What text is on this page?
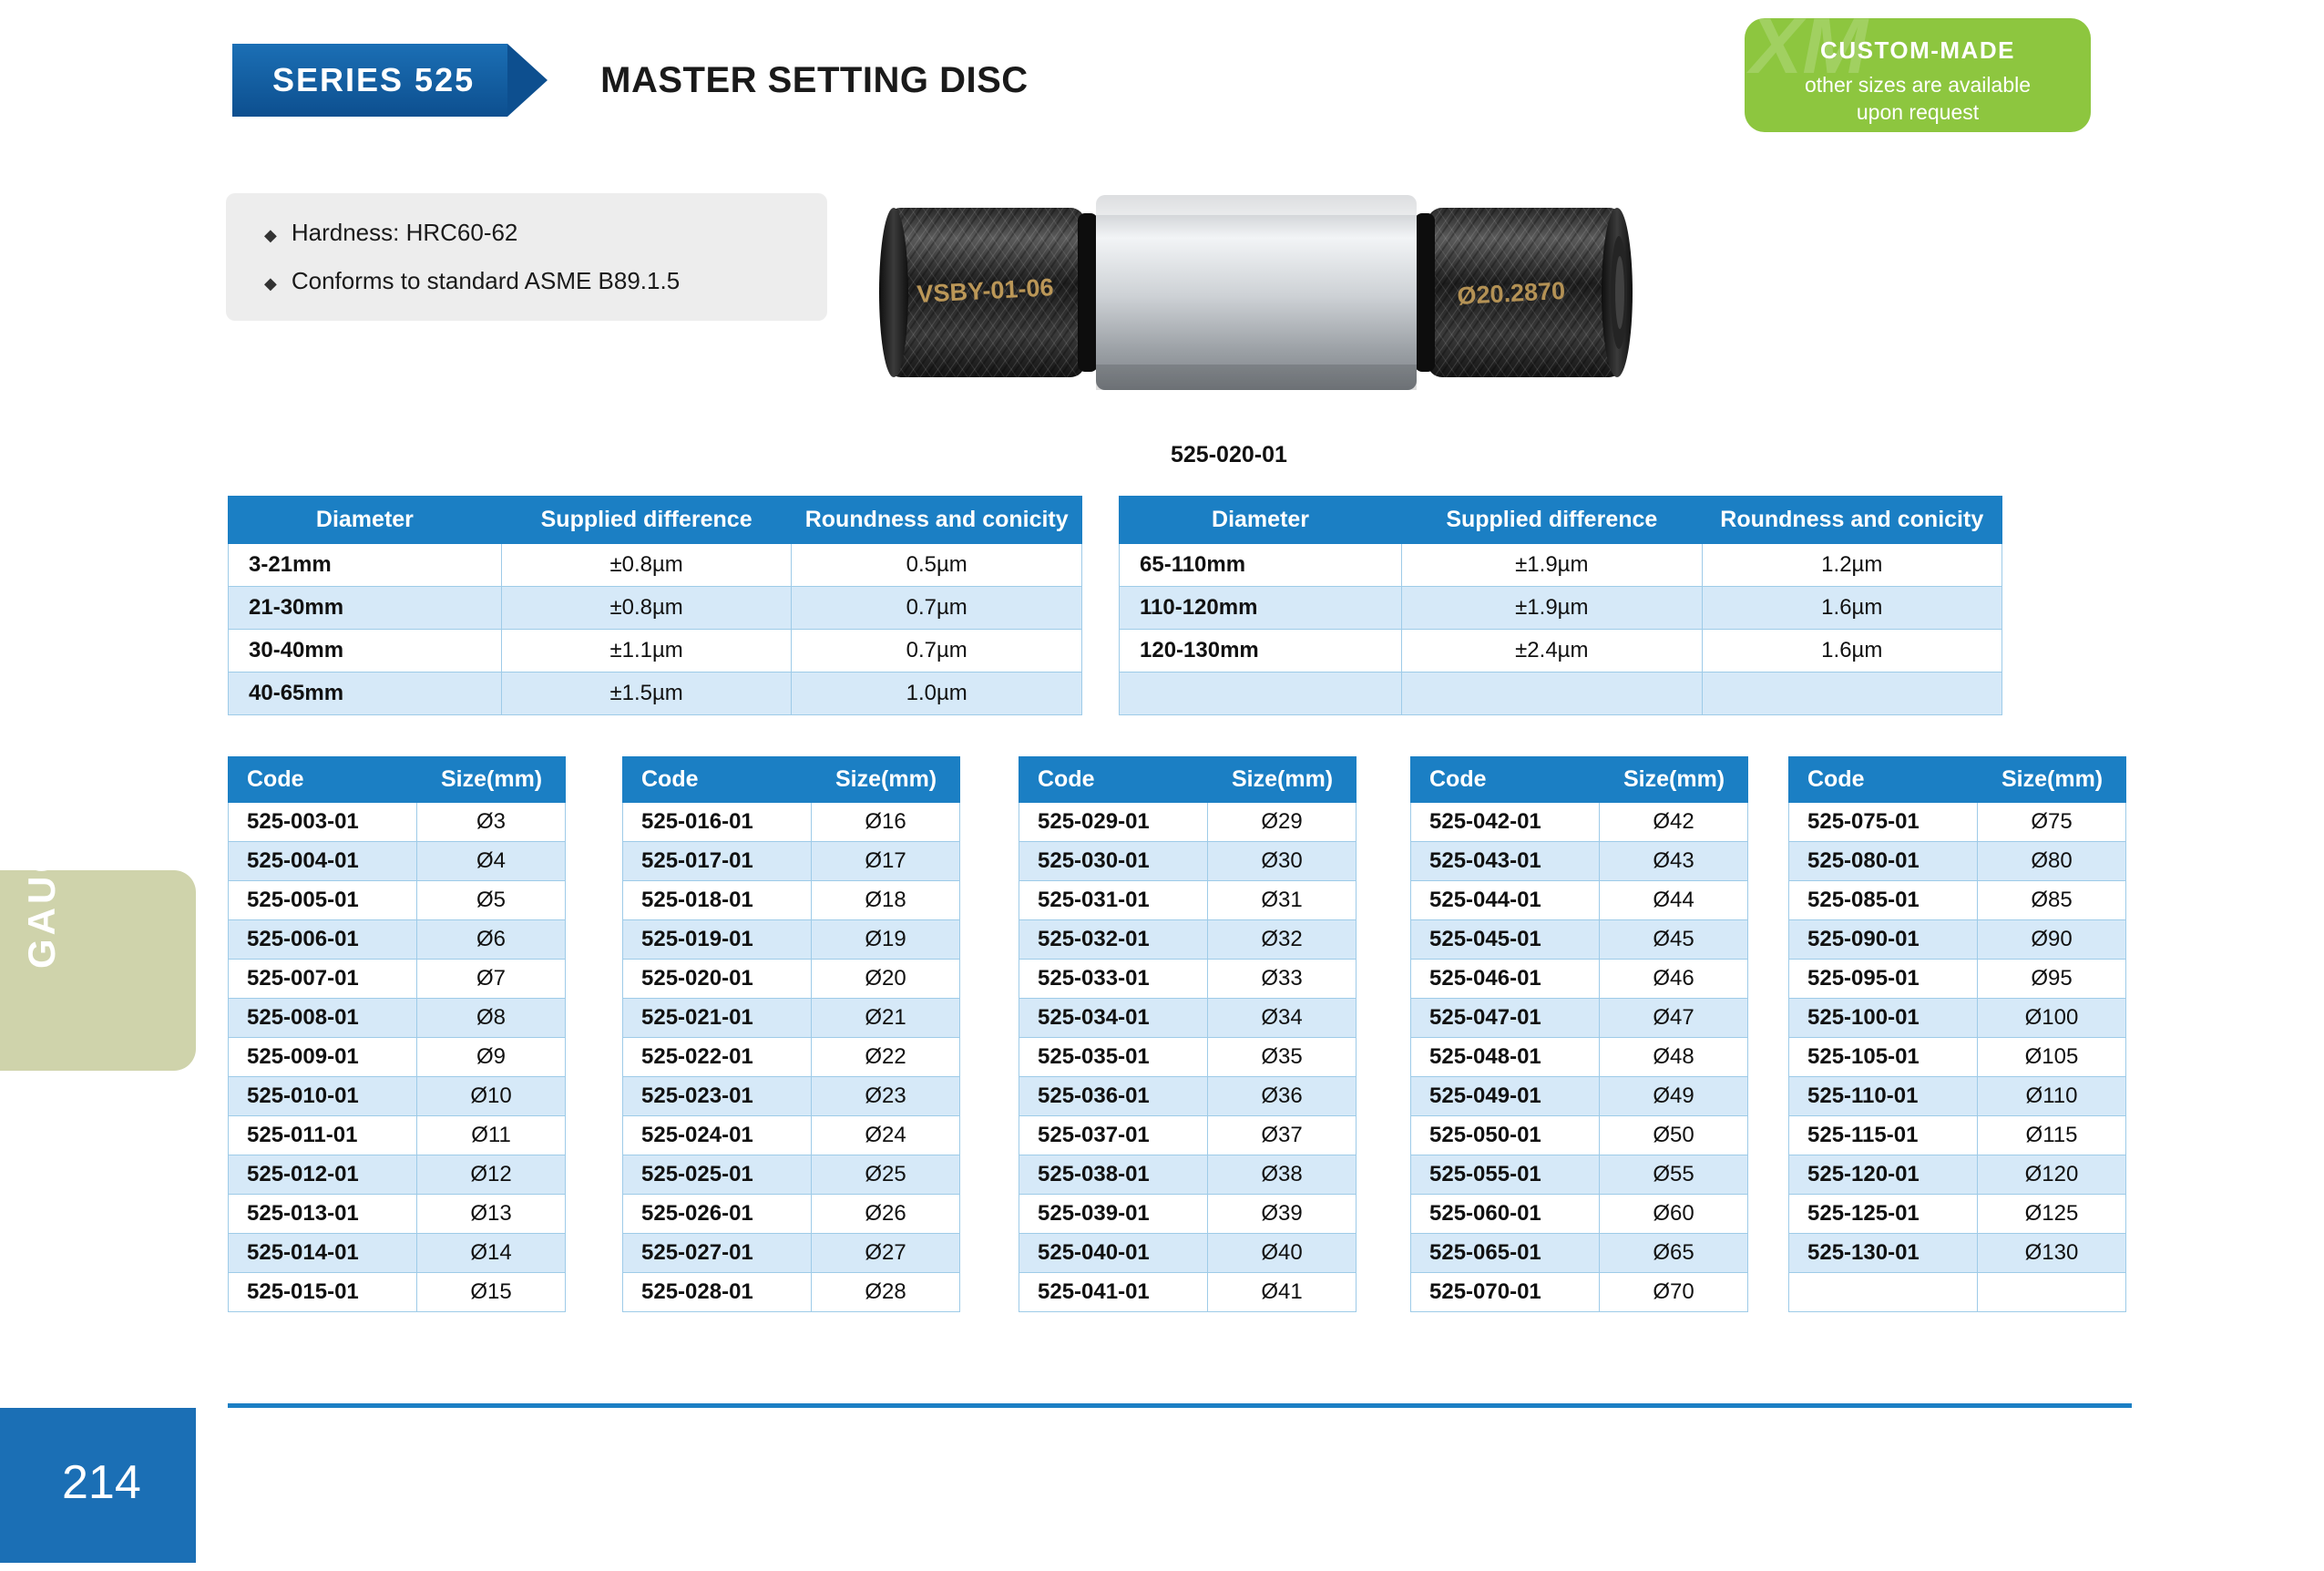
SERIES 525	MASTER SETTING DISC	XM
CUSTOM-MADE
other sizes are available
upon request
◆ Hardness: HRC60-62
◆ Conforms to standard ASME B89.1.5	VSBY-01-06	Ø20.2870
525-020-01
Diameter	Supplied difference	Roundness and conicity
3-21mm	±0.8µm	0.5µm
21-30mm	±0.8µm	0.7µm
30-40mm	±1.1µm	0.7µm
40-65mm	±1.5µm	1.0µm
Diameter	Supplied difference	Roundness and conicity
65-110mm	±1.9µm	1.2µm
110-120mm	±1.9µm	1.6µm
120-130mm	±2.4µm	1.6µm

Code	Size(mm)
525-003-01	Ø3
525-004-01	Ø4
525-005-01	Ø5
525-006-01	Ø6
525-007-01	Ø7
525-008-01	Ø8
525-009-01	Ø9
525-010-01	Ø10
525-011-01	Ø11
525-012-01	Ø12
525-013-01	Ø13
525-014-01	Ø14
525-015-01	Ø15
Code	Size(mm)
525-016-01	Ø16
525-017-01	Ø17
525-018-01	Ø18
525-019-01	Ø19
525-020-01	Ø20
525-021-01	Ø21
525-022-01	Ø22
525-023-01	Ø23
525-024-01	Ø24
525-025-01	Ø25
525-026-01	Ø26
525-027-01	Ø27
525-028-01	Ø28
Code	Size(mm)
525-029-01	Ø29
525-030-01	Ø30
525-031-01	Ø31
525-032-01	Ø32
525-033-01	Ø33
525-034-01	Ø34
525-035-01	Ø35
525-036-01	Ø36
525-037-01	Ø37
525-038-01	Ø38
525-039-01	Ø39
525-040-01	Ø40
525-041-01	Ø41
Code	Size(mm)
525-042-01	Ø42
525-043-01	Ø43
525-044-01	Ø44
525-045-01	Ø45
525-046-01	Ø46
525-047-01	Ø47
525-048-01	Ø48
525-049-01	Ø49
525-050-01	Ø50
525-055-01	Ø55
525-060-01	Ø60
525-065-01	Ø65
525-070-01	Ø70
Code	Size(mm)
525-075-01	Ø75
525-080-01	Ø80
525-085-01	Ø85
525-090-01	Ø90
525-095-01	Ø95
525-100-01	Ø100
525-105-01	Ø105
525-110-01	Ø110
525-115-01	Ø115
525-120-01	Ø120
525-125-01	Ø125
525-130-01	Ø130

GAUGE
214
